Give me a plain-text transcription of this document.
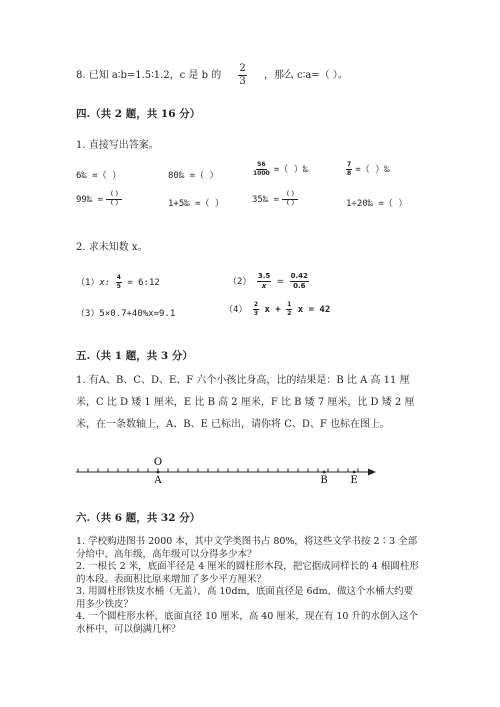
8. 已知 a∶b=1.5∶1.2，c 是 b 的 $\frac{2}{3}$ ，那么 c∶a=（ ）。
四.（共 2 题，共 16 分）
1. 直接写出答案。
6‰ =（ ）	80‰ =（ ）	$\frac{56}{1000}$ =（ ）‰	$\frac{7}{8}$ =（ ）‰
99‰ = $\frac{( )}{( )}$	1+5‰ =（ ）	35‰ = $\frac{( )}{( )}$	1÷20‰ =（ ）
2. 求未知数 x。
（1）x: $\frac{4}{5}$ = 6:12	$(2) \frac{3.5}{x} = \frac{0.42}{0.6}$
（3）5×0.7+40%x=9.1	$(4) \frac{2}{3}$ $x + \frac{1}{2}$ x = 42
五.（共 1 题，共 3 分）
1. 有A、B、C、D、E、F 六个小孩比身高，比的结果是：B 比 A 高 11 厘米，C 比 D 矮 1 厘米，E 比 B 高 2 厘米，F 比 B 矮 7 厘米，比 D 矮 2 厘米，在一条数轴上，A、B、E 已标出，请你将 C、D、F 也标在图上。
O
A	B E
六.（共 6 题，共 32 分）
1. 学校购进图书 2000 本，其中文学类图书占 80%，将这些文学书按 2∶3 全部分给中、高年级，高年级可以分得多少本？
2. 一根长 2 米，底面半径是 4 厘米的圆柱形木段，把它据成同样长的 4 根圆柱形的木段。表面积比原来增加了多少平方厘米？
3. 用圆柱形铁皮水桶（无盖），高 10dm，底面直径是 6dm，做这个水桶大约要用多少铁皮？
4. 一个圆柱形水杯，底面直径 10 厘米，高 40 厘米，现在有 10 升的水倒入这个水杯中，可以倒满几杯？
